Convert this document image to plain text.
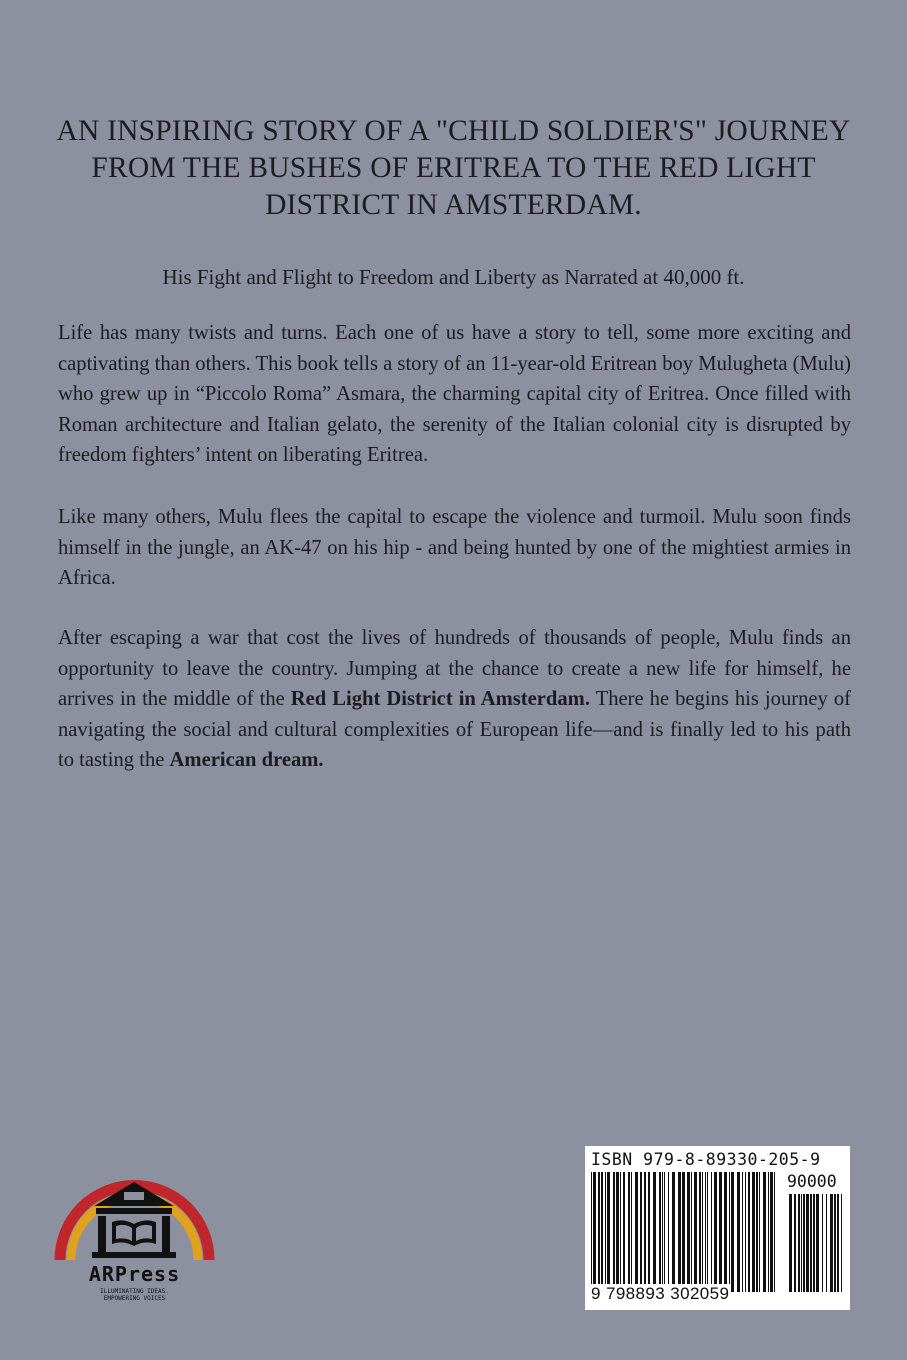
AN INSPIRING STORY OF A "CHILD SOLDIER'S" JOURNEY
FROM THE BUSHES OF ERITREA TO THE RED LIGHT
DISTRICT IN AMSTERDAM.
His Fight and Flight to Freedom and Liberty as Narrated at 40,000 ft.

Life has many twists and turns. Each one of us have a story to tell, some more exciting and captivating than others. This book tells a story of an 11-year-old Eritrean boy Mulugheta (Mulu) who grew up in “Piccolo Roma” Asmara, the charming capital city of Eritrea. Once filled with Roman architecture and Italian gelato, the serenity of the Italian colonial city is disrupted by freedom fighters’ intent on liberating Eritrea.

Like many others, Mulu flees the capital to escape the violence and turmoil. Mulu soon finds himself in the jungle, an AK-47 on his hip - and being hunted by one of the mightiest armies in Africa.

After escaping a war that cost the lives of hundreds of thousands of people, Mulu finds an opportunity to leave the country. Jumping at the chance to create a new life for himself, he arrives in the middle of the Red Light District in Amsterdam. There he begins his journey of navigating the social and cultural complexities of European life—and is finally led to his path to tasting the American dream.

ARPress
ILLUMINATING IDEAS.
EMPOWERING VOICES
ISBN 979-8-89330-205-9
90000
9 798893 302059
